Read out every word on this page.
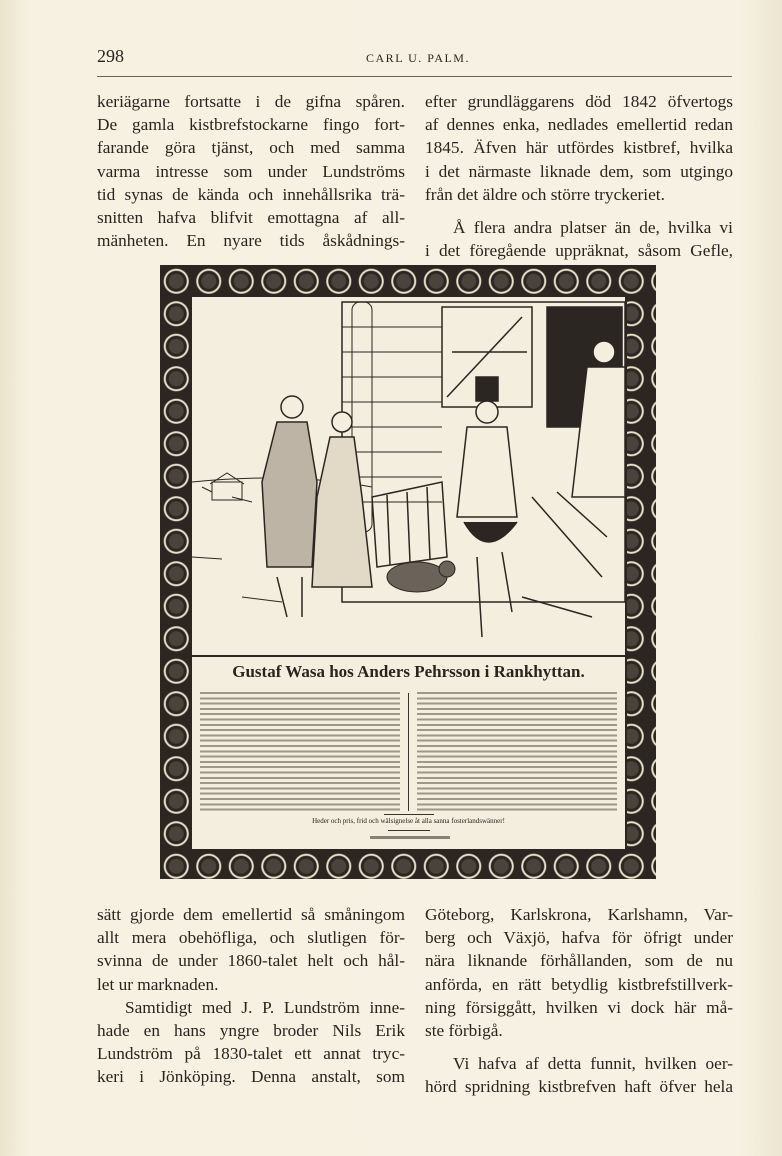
298	CARL U. PALM.
keriägarne fortsatte i de gifna spåren.
De gamla kistbrefstockarne fingo fort-
farande göra tjänst, och med samma
varma intresse som under Lundströms
tid synas de kända och innehållsrika trä-
snitten hafva blifvit emottagna af all-
mänheten. En nyare tids åskådnings-
efter grundläggarens död 1842 öfvertogs
af dennes enka, nedlades emellertid redan
1845. Äfven här utfördes kistbref, hvilka
i det närmaste liknade dem, som utgingo
från det äldre och större tryckeriet.
Å flera andra platser än de, hvilka vi
i det föregående uppräknat, såsom Gefle,
Gustaf Wasa hos Anders Pehrsson i Rankhyttan.
Heder och pris, frid och wälsignelse åt alla sanna fosterlandswänner!
sätt gjorde dem emellertid så småningom
allt mera obehöfliga, och slutligen för-
svinna de under 1860-talet helt och hål-
let ur marknaden.
Samtidigt med J. P. Lundström inne-
hade en hans yngre broder Nils Erik
Lundström på 1830-talet ett annat tryc-
keri i Jönköping. Denna anstalt, som
Göteborg, Karlskrona, Karlshamn, Var-
berg och Växjö, hafva för öfrigt under
nära liknande förhållanden, som de nu
anförda, en rätt betydlig kistbrefstillverk-
ning försiggått, hvilken vi dock här må-
ste förbigå.
Vi hafva af detta funnit, hvilken oer-
hörd spridning kistbrefven haft öfver hela
